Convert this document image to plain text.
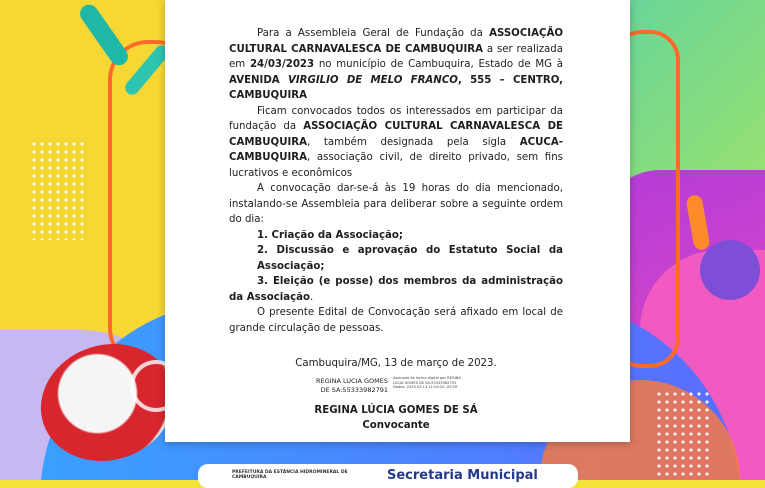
Para a Assembleia Geral de Fundação da ASSOCIAÇÃO CULTURAL CARNAVALESCA DE CAMBUQUIRA a ser realizada em 24/03/2023 no município de Cambuquira, Estado de MG à AVENIDA VIRGILIO DE MELO FRANCO, 555 – CENTRO, CAMBUQUIRA

Ficam convocados todos os interessados em participar da fundação da ASSOCIAÇÃO CULTURAL CARNAVALESCA DE CAMBUQUIRA, também designada pela sigla ACUCA-CAMBUQUIRA, associação civil, de direito privado, sem fins lucrativos e econômicos

A convocação dar-se-á às 19 horas do dia mencionado, instalando-se Assembleia para deliberar sobre a seguinte ordem do dia:

1. Criação da Associação;
2. Discussão e aprovação do Estatuto Social da Associação;
3. Eleição (e posse) dos membros da administração da Associação.

O presente Edital de Convocação será afixado em local de grande circulação de pessoas.

Cambuquira/MG, 13 de março de 2023.
REGINA LUCIA GOMES DE SA:55333982791
Assinado de forma digital por REGINA LUCIA GOMES DE SA:55333982791 Dados: 2023.03.13 11:04:20 -03'00'
REGINA LÚCIA GOMES DE SÁ
Convocante
PREFEITURA DA ESTÂNCIA HIDROMINERAL DE CAMBUQUIRA	Secretaria Municipal
